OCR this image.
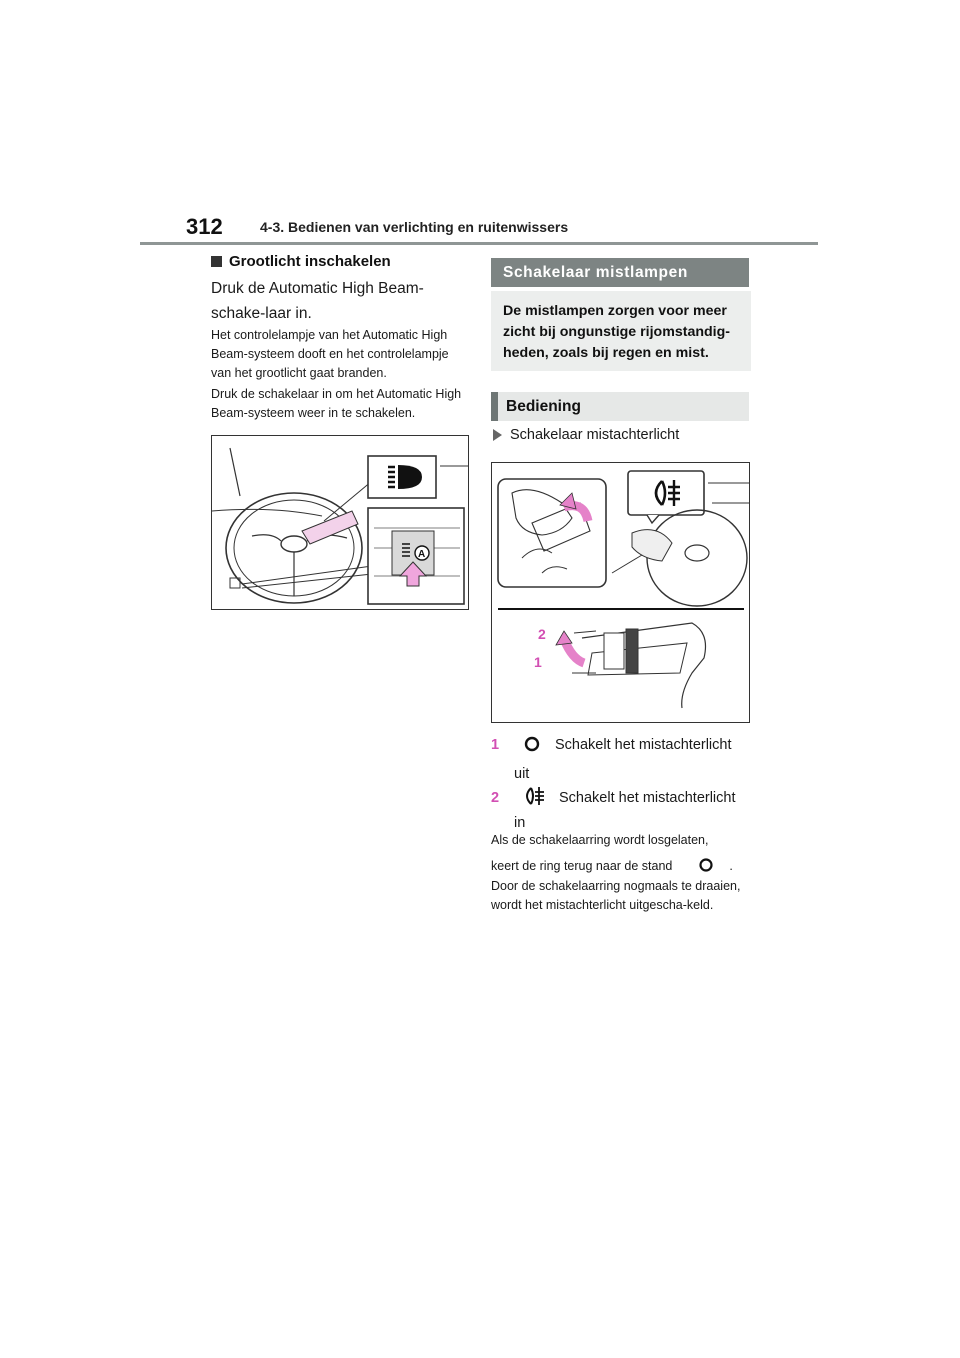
312	4-3. Bedienen van verlichting en ruitenwissers
Grootlicht inschakelen
Druk de Automatic High Beam-schake-laar in.
Het controlelampje van het Automatic High Beam-systeem dooft en het controlelampje van het grootlicht gaat branden.
Druk de schakelaar in om het Automatic High Beam-systeem weer in te schakelen.
A
Schakelaar mistlampen
De mistlampen zorgen voor meer zicht bij ongunstige rijomstandig-heden, zoals bij regen en mist.
Bediening
Schakelaar mistachterlicht
2
1
1	Schakelt het mistachterlicht
uit
2	Schakelt het mistachterlicht
in
Als de schakelaarring wordt losgelaten,
keert de ring terug naar de stand	.
Door de schakelaarring nogmaals te draaien, wordt het mistachterlicht uitgescha-keld.
